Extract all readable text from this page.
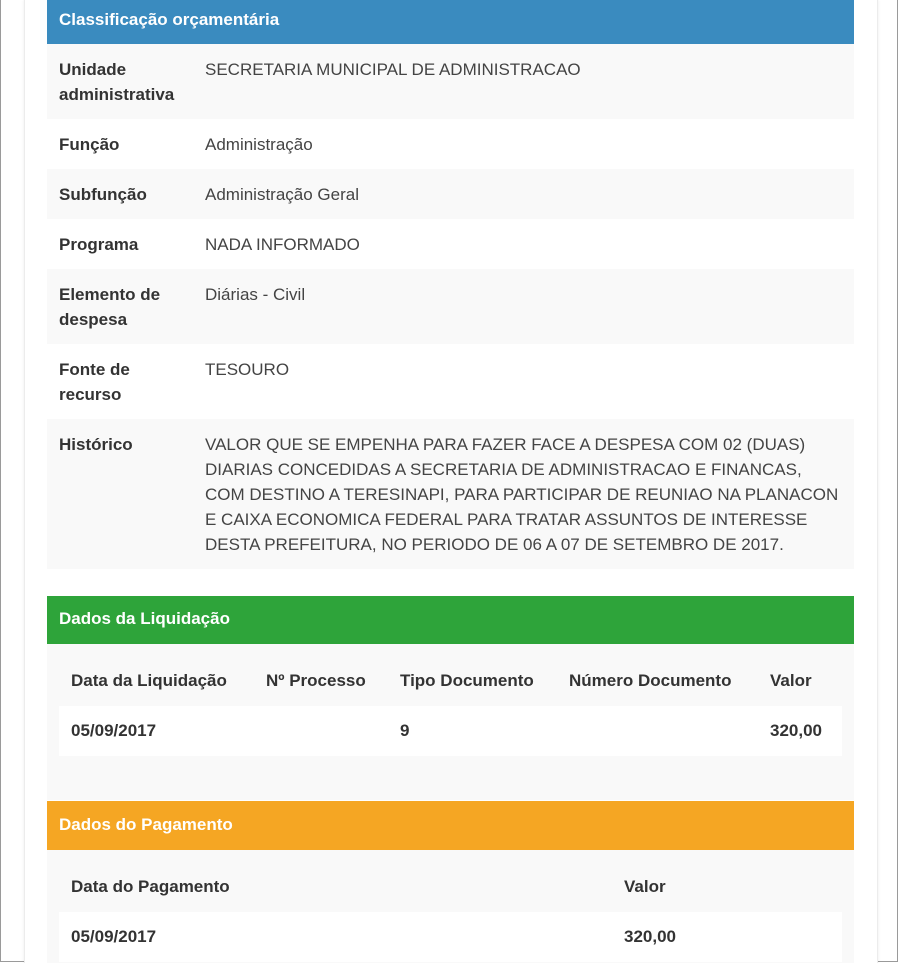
Classificação orçamentária
Unidade administrativa	SECRETARIA MUNICIPAL DE ADMINISTRACAO
Função	Administração
Subfunção	Administração Geral
Programa	NADA INFORMADO
Elemento de despesa	Diárias - Civil
Fonte de recurso	TESOURO
Histórico	VALOR QUE SE EMPENHA PARA FAZER FACE A DESPESA COM 02 (DUAS) DIARIAS CONCEDIDAS A SECRETARIA DE ADMINISTRACAO E FINANCAS, COM DESTINO A TERESINAPI, PARA PARTICIPAR DE REUNIAO NA PLANACON E CAIXA ECONOMICA FEDERAL PARA TRATAR ASSUNTOS DE INTERESSE DESTA PREFEITURA, NO PERIODO DE 06 A 07 DE SETEMBRO DE 2017.
Dados da Liquidação
Data da Liquidação	Nº Processo	Tipo Documento	Número Documento	Valor
05/09/2017		9		320,00
Dados do Pagamento
Data do Pagamento	Valor
05/09/2017	320,00
